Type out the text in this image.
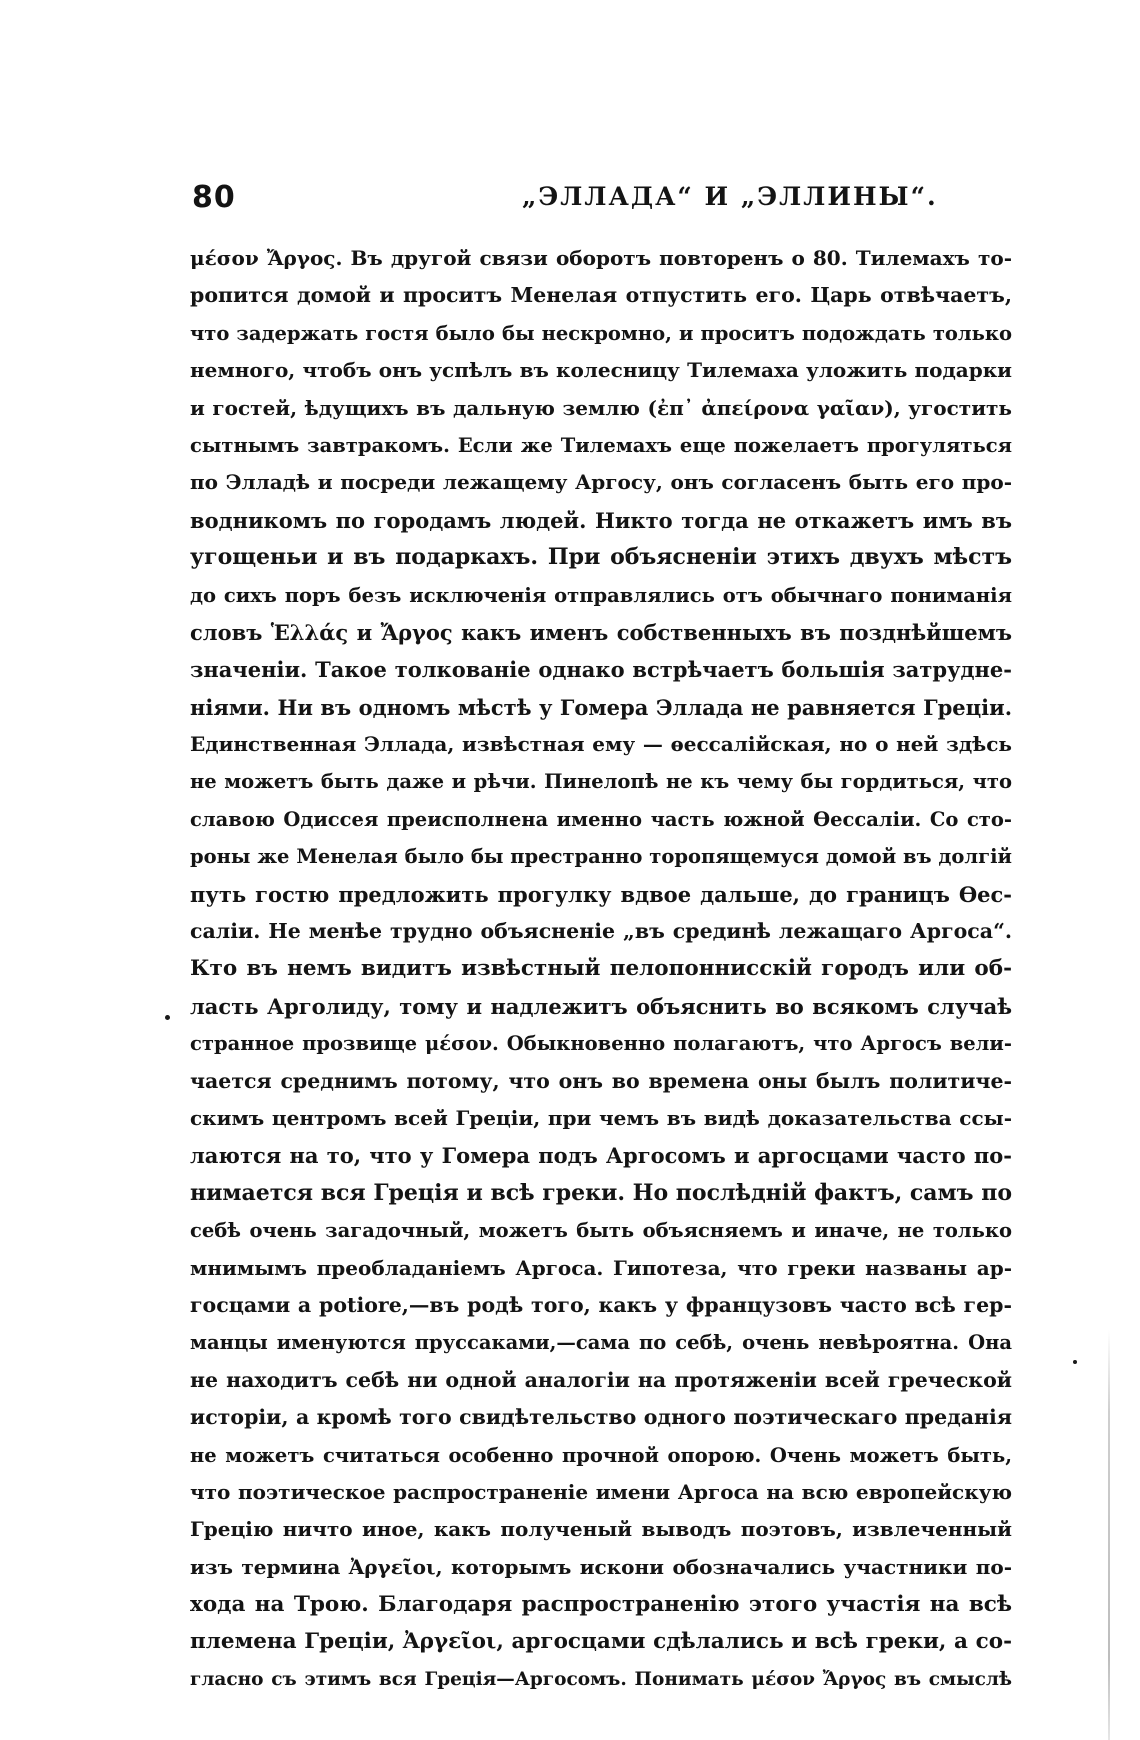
80	„ЭЛЛАДА“ И „ЭЛЛИНЫ“.
μέσον Ἄργος. Въ другой связи оборотъ повторенъ о 80. Тилемахъ то-
ропится домой и проситъ Менелая отпустить его. Царь отвѣчаетъ,
что задержать гостя было бы нескромно, и проситъ подождать только
немного, чтобъ онъ успѣлъ въ колесницу Тилемаха уложить подарки
и гостей, ѣдущихъ въ дальную землю (ἐπ᾽ ἀπείρονα γαῖαν), угостить
сытнымъ завтракомъ. Если же Тилемахъ еще пожелаетъ прогуляться
по Элладѣ и посреди лежащему Аргосу, онъ согласенъ быть его про-
водникомъ по городамъ людей. Никто тогда не откажетъ имъ въ
угощеньи и въ подаркахъ. При объясненіи этихъ двухъ мѣстъ
до сихъ поръ безъ исключенія отправлялись отъ обычнаго пониманія
словъ Ἑλλάς и Ἄργος какъ именъ собственныхъ въ позднѣйшемъ
значеніи. Такое толкованіе однако встрѣчаетъ большія затрудне-
ніями. Ни въ одномъ мѣстѣ у Гомера Эллада не равняется Греціи.
Единственная Эллада, извѣстная ему — ѳессалійская, но о ней здѣсь
не можетъ быть даже и рѣчи. Пинелопѣ не къ чему бы гордиться, что
славою Одиссея преисполнена именно часть южной Ѳессаліи. Со сто-
роны же Менелая было бы престранно торопящемуся домой въ долгій
путь гостю предложить прогулку вдвое дальше, до границъ Ѳес-
саліи. Не менѣе трудно объясненіе „въ срединѣ лежащаго Аргоса“.
Кто въ немъ видитъ извѣстный пелопоннисскій городъ или об-
ласть Арголиду, тому и надлежитъ объяснить во всякомъ случаѣ
странное прозвище μέσον. Обыкновенно полагаютъ, что Аргосъ вели-
чается среднимъ потому, что онъ во времена оны былъ политиче-
скимъ центромъ всей Греціи, при чемъ въ видѣ доказательства ссы-
лаются на то, что у Гомера подъ Аргосомъ и аргосцами часто по-
нимается вся Греція и всѣ греки. Но послѣдній фактъ, самъ по
себѣ очень загадочный, можетъ быть объясняемъ и иначе, не только
мнимымъ преобладаніемъ Аргоса. Гипотеза, что греки названы ар-
госцами а potiore,—въ родѣ того, какъ у французовъ часто всѣ гер-
манцы именуются пруссаками,—сама по себѣ, очень невѣроятна. Она
не находитъ себѣ ни одной аналогіи на протяженіи всей греческой
исторіи, а кромѣ того свидѣтельство одного поэтическаго преданія
не можетъ считаться особенно прочной опорою. Очень можетъ быть,
что поэтическое распространеніе имени Аргоса на всю европейскую
Грецію ничто иное, какъ полученый выводъ поэтовъ, извлеченный
изъ термина Ἀργεῖοι, которымъ искони обозначались участники по-
хода на Трою. Благодаря распространенію этого участія на всѣ
племена Греціи, Ἀργεῖοι, аргосцами сдѣлались и всѣ греки, а со-
гласно съ этимъ вся Греція—Аргосомъ. Понимать μέσον Ἄργος въ смыслѣ
